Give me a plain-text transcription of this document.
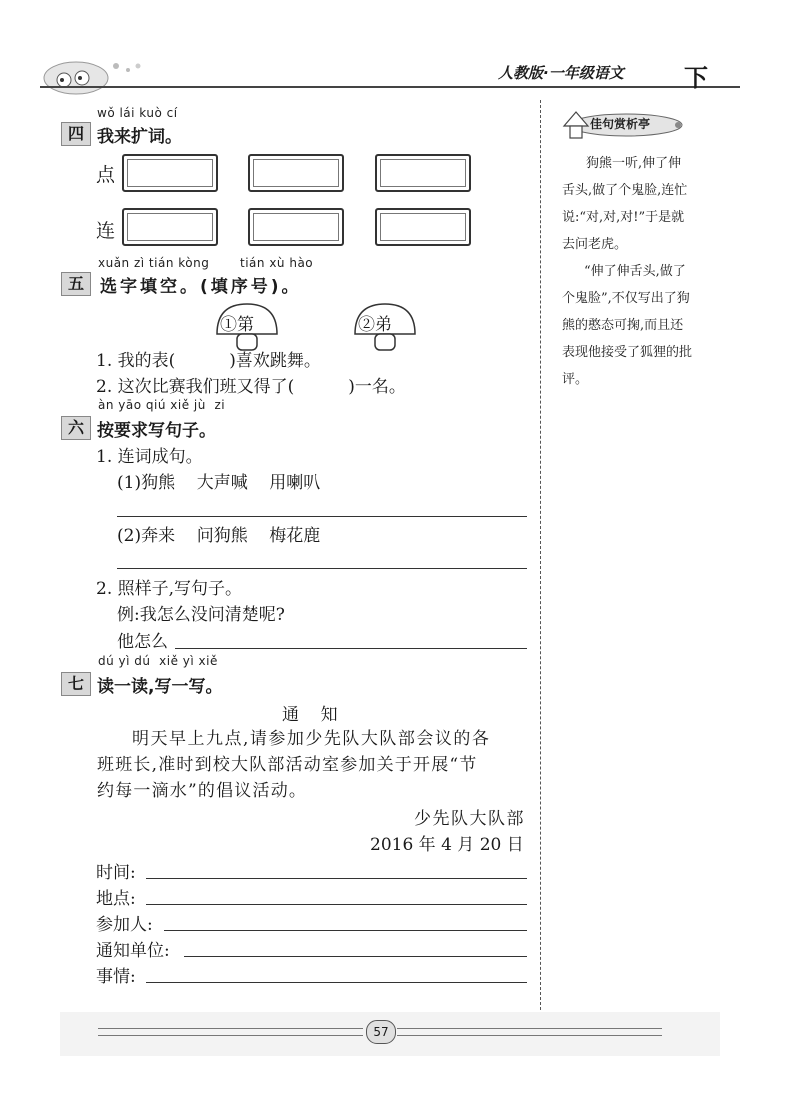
人教版·一年级语文	下
wǒ lái kuò cí
四 我来扩词。
点
连
xuǎn zì tián kòng	tián xù hào
五 选字填空。(填序号)。
①第	②弟
1. 我的表(          )喜欢跳舞。
2. 这次比赛我们班又得了(          )一名。
àn yāo qiú xiě jù  zi
六 按要求写句子。
1. 连词成句。
(1)狗熊    大声喊    用喇叭
(2)奔来    问狗熊    梅花鹿
2. 照样子,写句子。
例:我怎么没问清楚呢?
他怎么
dú yì dú  xiě yì xiě
七 读一读,写一写。
通    知
明天早上九点,请参加少先队大队部会议的各
班班长,准时到校大队部活动室参加关于开展“节
约每一滴水”的倡议活动。
少先队大队部
2016 年 4 月 20 日
时间:
地点:
参加人:
通知单位:
事情:
佳句赏析亭
狗熊一听,伸了伸
舌头,做了个鬼脸,连忙
说:“对,对,对!”于是就
去问老虎。
“伸了伸舌头,做了
个鬼脸”,不仅写出了狗
熊的憨态可掬,而且还
表现他接受了狐狸的批
评。
57
